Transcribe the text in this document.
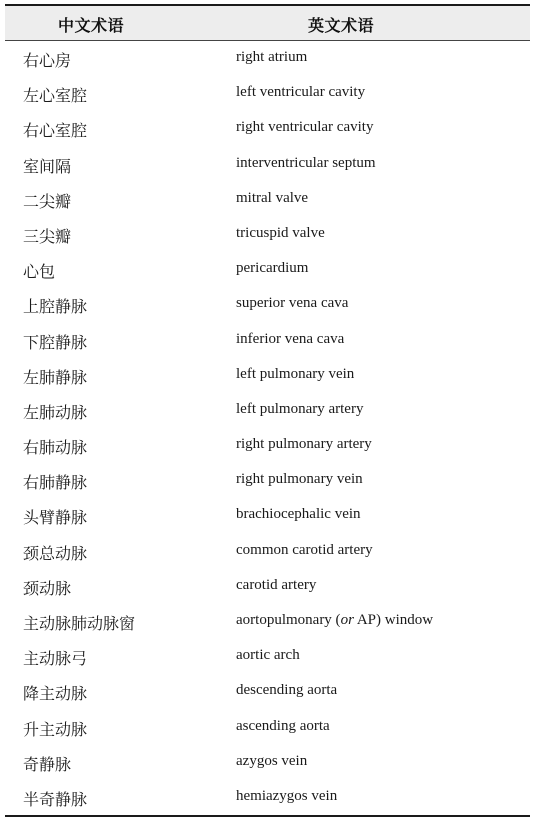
中文术语	英文术语
右心房	right atrium
左心室腔	left ventricular cavity
右心室腔	right ventricular cavity
室间隔	interventricular septum
二尖瓣	mitral valve
三尖瓣	tricuspid valve
心包	pericardium
上腔静脉	superior vena cava
下腔静脉	inferior vena cava
左肺静脉	left pulmonary vein
左肺动脉	left pulmonary artery
右肺动脉	right pulmonary artery
右肺静脉	right pulmonary vein
头臂静脉	brachiocephalic vein
颈总动脉	common carotid artery
颈动脉	carotid artery
主动脉肺动脉窗	aortopulmonary (or AP) window
主动脉弓	aortic arch
降主动脉	descending aorta
升主动脉	ascending aorta
奇静脉	azygos vein
半奇静脉	hemiazygos vein
